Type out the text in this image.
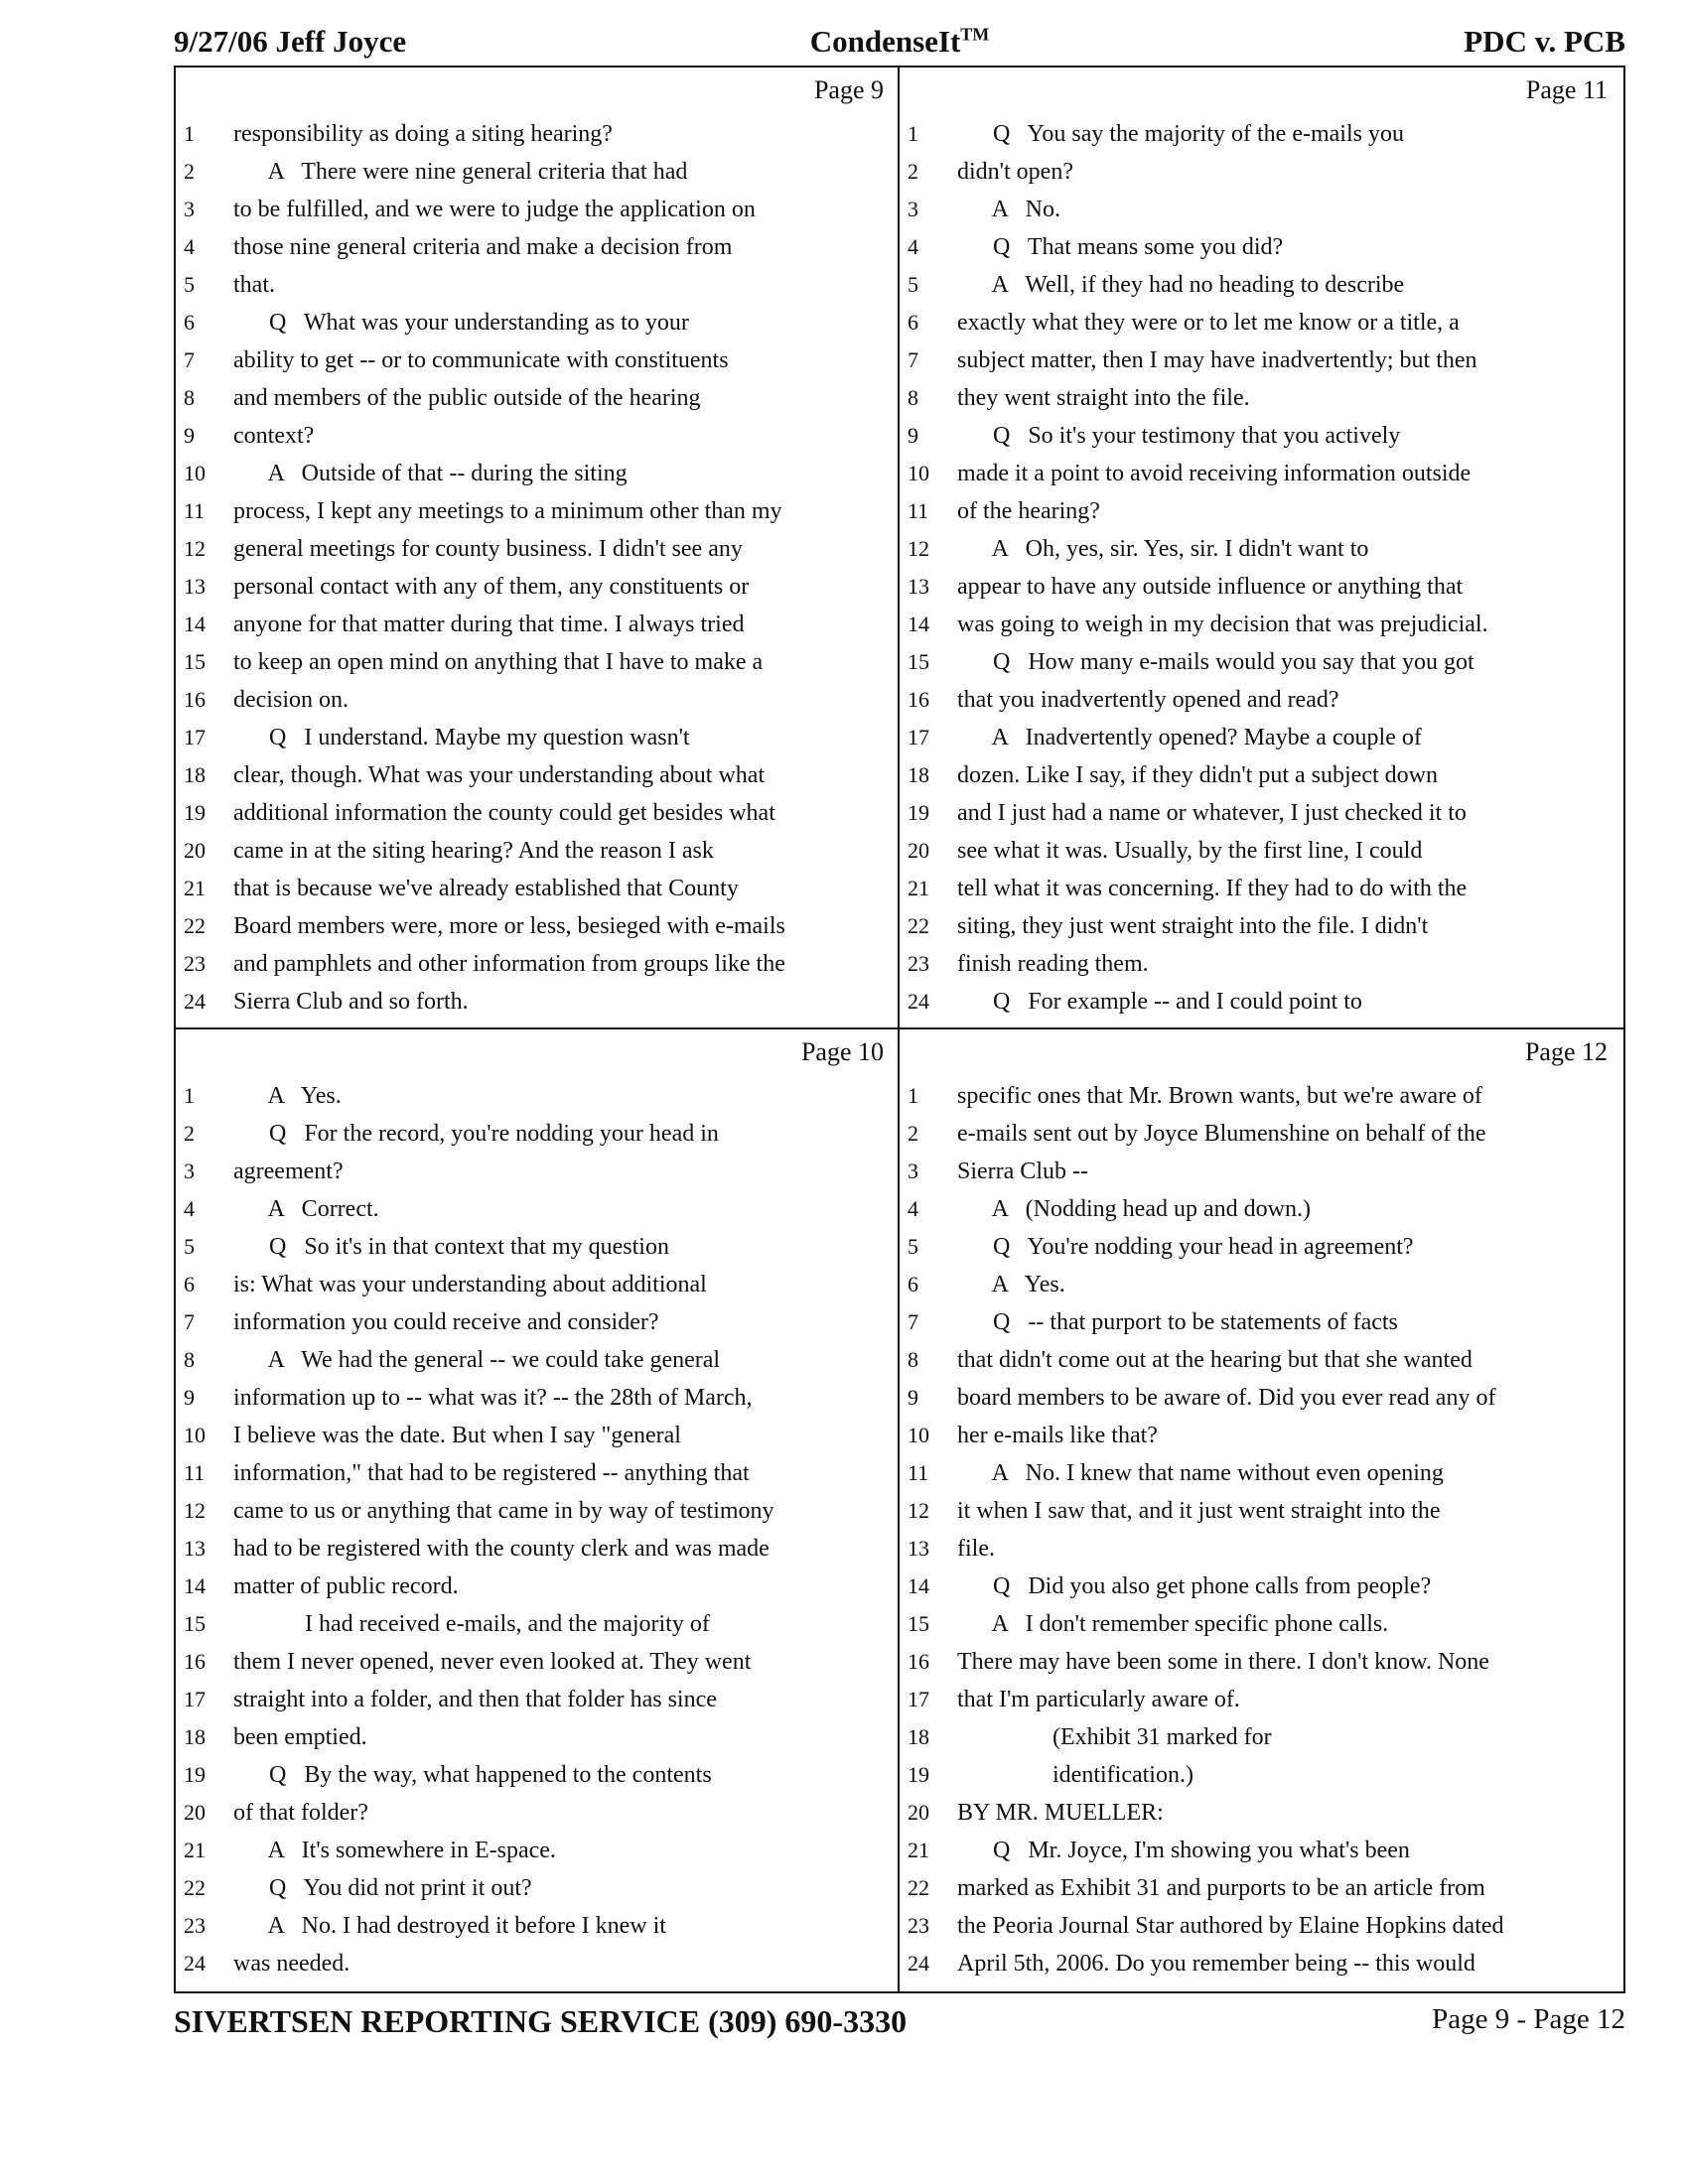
9/27/06 Jeff Joyce	CondenseIt™	PDC v. PCB
Page 9
1	responsibility as doing a siting hearing?
2	A   There were nine general criteria that had
3	to be fulfilled, and we were to judge the application on
4	those nine general criteria and make a decision from
5	that.
6	Q   What was your understanding as to your
7	ability to get -- or to communicate with constituents
8	and members of the public outside of the hearing
9	context?
10	A   Outside of that -- during the siting
11	process, I kept any meetings to a minimum other than my
12	general meetings for county business. I didn't see any
13	personal contact with any of them, any constituents or
14	anyone for that matter during that time. I always tried
15	to keep an open mind on anything that I have to make a
16	decision on.
17	Q   I understand. Maybe my question wasn't
18	clear, though. What was your understanding about what
19	additional information the county could get besides what
20	came in at the siting hearing? And the reason I ask
21	that is because we've already established that County
22	Board members were, more or less, besieged with e-mails
23	and pamphlets and other information from groups like the
24	Sierra Club and so forth.
Page 11
1	Q   You say the majority of the e-mails you
2	didn't open?
3	A   No.
4	Q   That means some you did?
5	A   Well, if they had no heading to describe
6	exactly what they were or to let me know or a title, a
7	subject matter, then I may have inadvertently; but then
8	they went straight into the file.
9	Q   So it's your testimony that you actively
10	made it a point to avoid receiving information outside
11	of the hearing?
12	A   Oh, yes, sir. Yes, sir. I didn't want to
13	appear to have any outside influence or anything that
14	was going to weigh in my decision that was prejudicial.
15	Q   How many e-mails would you say that you got
16	that you inadvertently opened and read?
17	A   Inadvertently opened? Maybe a couple of
18	dozen. Like I say, if they didn't put a subject down
19	and I just had a name or whatever, I just checked it to
20	see what it was. Usually, by the first line, I could
21	tell what it was concerning. If they had to do with the
22	siting, they just went straight into the file. I didn't
23	finish reading them.
24	Q   For example -- and I could point to
Page 10
1	A   Yes.
2	Q   For the record, you're nodding your head in
3	agreement?
4	A   Correct.
5	Q   So it's in that context that my question
6	is: What was your understanding about additional
7	information you could receive and consider?
8	A   We had the general -- we could take general
9	information up to -- what was it? -- the 28th of March,
10	I believe was the date. But when I say "general
11	information," that had to be registered -- anything that
12	came to us or anything that came in by way of testimony
13	had to be registered with the county clerk and was made
14	matter of public record.
15	I had received e-mails, and the majority of
16	them I never opened, never even looked at. They went
17	straight into a folder, and then that folder has since
18	been emptied.
19	Q   By the way, what happened to the contents
20	of that folder?
21	A   It's somewhere in E-space.
22	Q   You did not print it out?
23	A   No. I had destroyed it before I knew it
24	was needed.
Page 12
1	specific ones that Mr. Brown wants, but we're aware of
2	e-mails sent out by Joyce Blumenshine on behalf of the
3	Sierra Club --
4	A   (Nodding head up and down.)
5	Q   You're nodding your head in agreement?
6	A   Yes.
7	Q   -- that purport to be statements of facts
8	that didn't come out at the hearing but that she wanted
9	board members to be aware of. Did you ever read any of
10	her e-mails like that?
11	A   No. I knew that name without even opening
12	it when I saw that, and it just went straight into the
13	file.
14	Q   Did you also get phone calls from people?
15	A   I don't remember specific phone calls.
16	There may have been some in there. I don't know. None
17	that I'm particularly aware of.
18	(Exhibit 31 marked for
19	identification.)
20	BY MR. MUELLER:
21	Q   Mr. Joyce, I'm showing you what's been
22	marked as Exhibit 31 and purports to be an article from
23	the Peoria Journal Star authored by Elaine Hopkins dated
24	April 5th, 2006. Do you remember being -- this would
SIVERTSEN REPORTING SERVICE (309) 690-3330	Page 9 - Page 12
